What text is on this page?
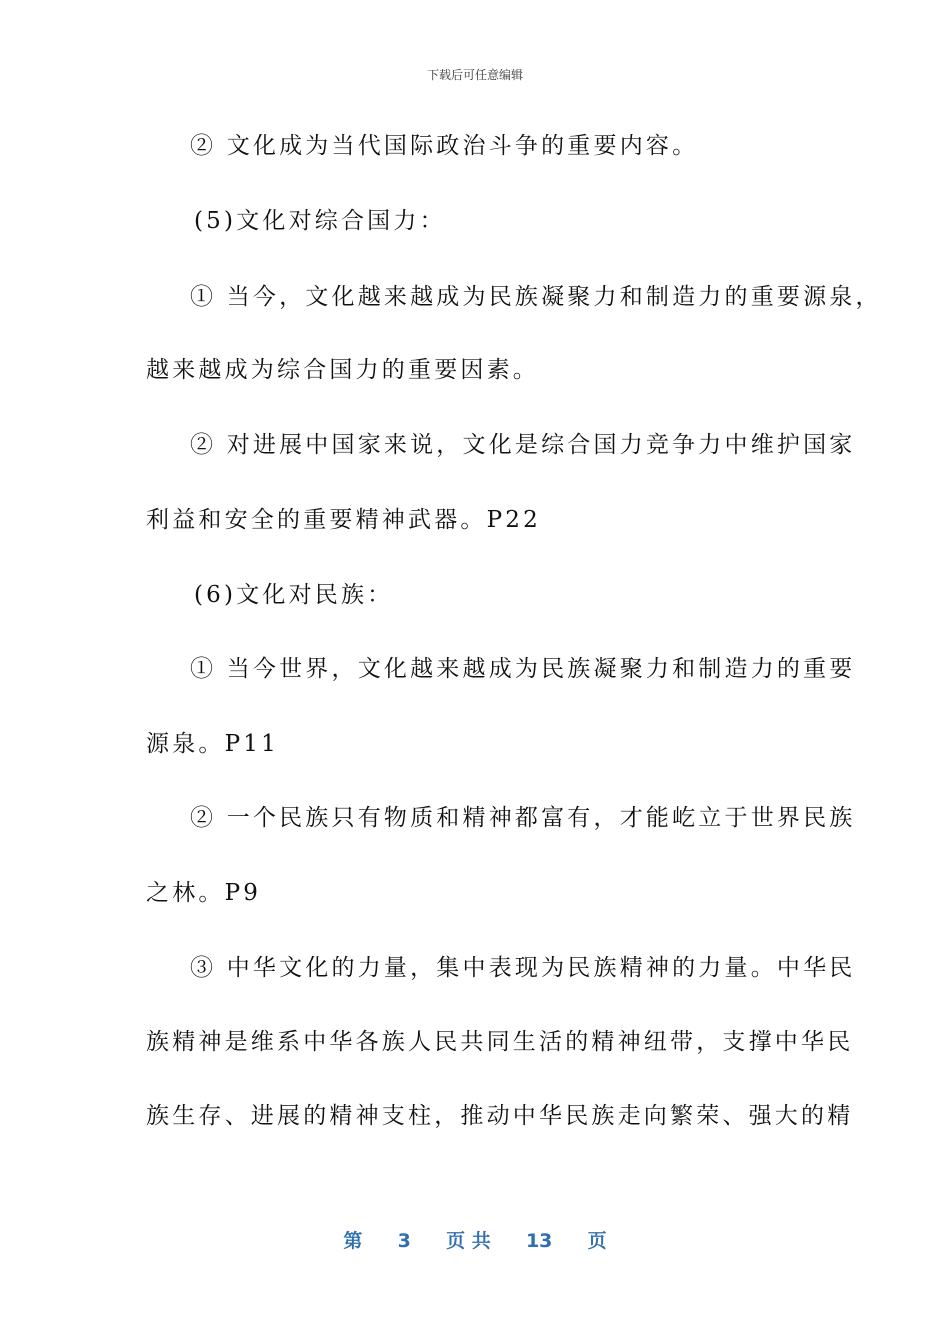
下载后可任意编辑
② 文化成为当代国际政治斗争的重要内容。
(5)文化对综合国力：
① 当今，文化越来越成为民族凝聚力和制造力的重要源泉，
越来越成为综合国力的重要因素。
② 对进展中国家来说，文化是综合国力竞争力中维护国家
利益和安全的重要精神武器。P22
(6)文化对民族：
① 当今世界，文化越来越成为民族凝聚力和制造力的重要
源泉。P11
② 一个民族只有物质和精神都富有，才能屹立于世界民族
之林。P9
③ 中华文化的力量，集中表现为民族精神的力量。中华民
族精神是维系中华各族人民共同生活的精神纽带，支撑中华民
族生存、进展的精神支柱，推动中华民族走向繁荣、强大的精
第 3 页 共 13 页
